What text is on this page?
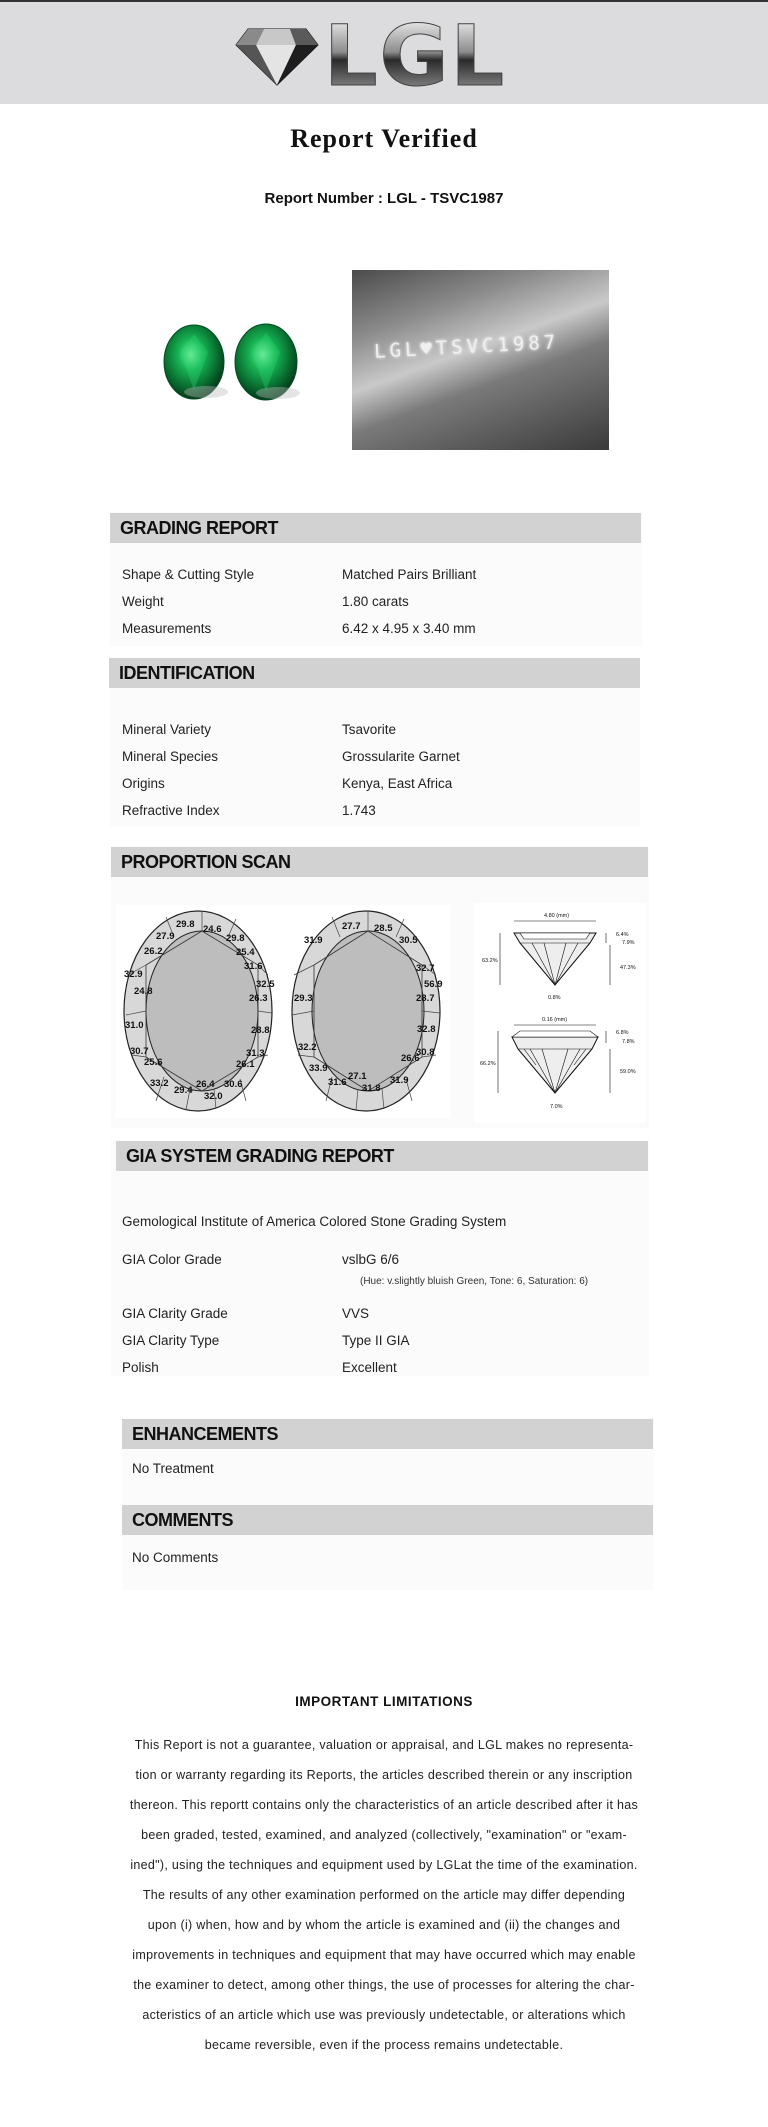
LGL
Report Verified
Report Number : LGL - TSVC1987
LGL♥TSVC1987
GRADING REPORT
Shape & Cutting Style	Matched Pairs Brilliant
Weight	1.80 carats
Measurements	6.42 x 4.95 x 3.40 mm
IDENTIFICATION
Mineral Variety	Tsavorite
Mineral Species	Grossularite Garnet
Origins	Kenya, East Africa
Refractive Index	1.743
PROPORTION SCAN
29.8 24.6
27.9	29.8
26.2	25.4
31.6
32.9
32.5
24.8
26.3
31.0	28.8
30.7	31.3
25.6	26.1
33.2	26.4 30.6
29.4
32.0
27.7 28.5
31.9	30.5
32.7
56.9
29.3	28.7
32.8
32.2
26.6
30.8
33.9
27.1
31.6
31.8
31.9
4.80 (mm)
63.2%
6.4%
7.9%
47.3%
0.8%
0.16 (mm)
66.2%
6.8%
7.8%
59.0%
7.0%
GIA SYSTEM GRADING REPORT
Gemological Institute of America Colored Stone Grading System
GIA Color Grade	vslbG 6/6
(Hue: v.slightly bluish Green, Tone: 6, Saturation: 6)
GIA Clarity Grade	VVS
GIA Clarity Type	Type II GIA
Polish	Excellent
ENHANCEMENTS
No Treatment
COMMENTS
No Comments
IMPORTANT LIMITATIONS
This Report is not a guarantee, valuation or appraisal, and LGL makes no representa-
tion or warranty regarding its Reports, the articles described therein or any inscription
thereon. This reportt contains only the characteristics of an article described after it has
been graded, tested, examined, and analyzed (collectively, "examination" or "exam-
ined"), using the techniques and equipment used by LGLat the time of the examination.
The results of any other examination performed on the article may differ depending
upon (i) when, how and by whom the article is examined and (ii) the changes and
improvements in techniques and equipment that may have occurred which may enable
the examiner to detect, among other things, the use of processes for altering the char-
acteristics of an article which use was previously undetectable, or alterations which
became reversible, even if the process remains undetectable.
